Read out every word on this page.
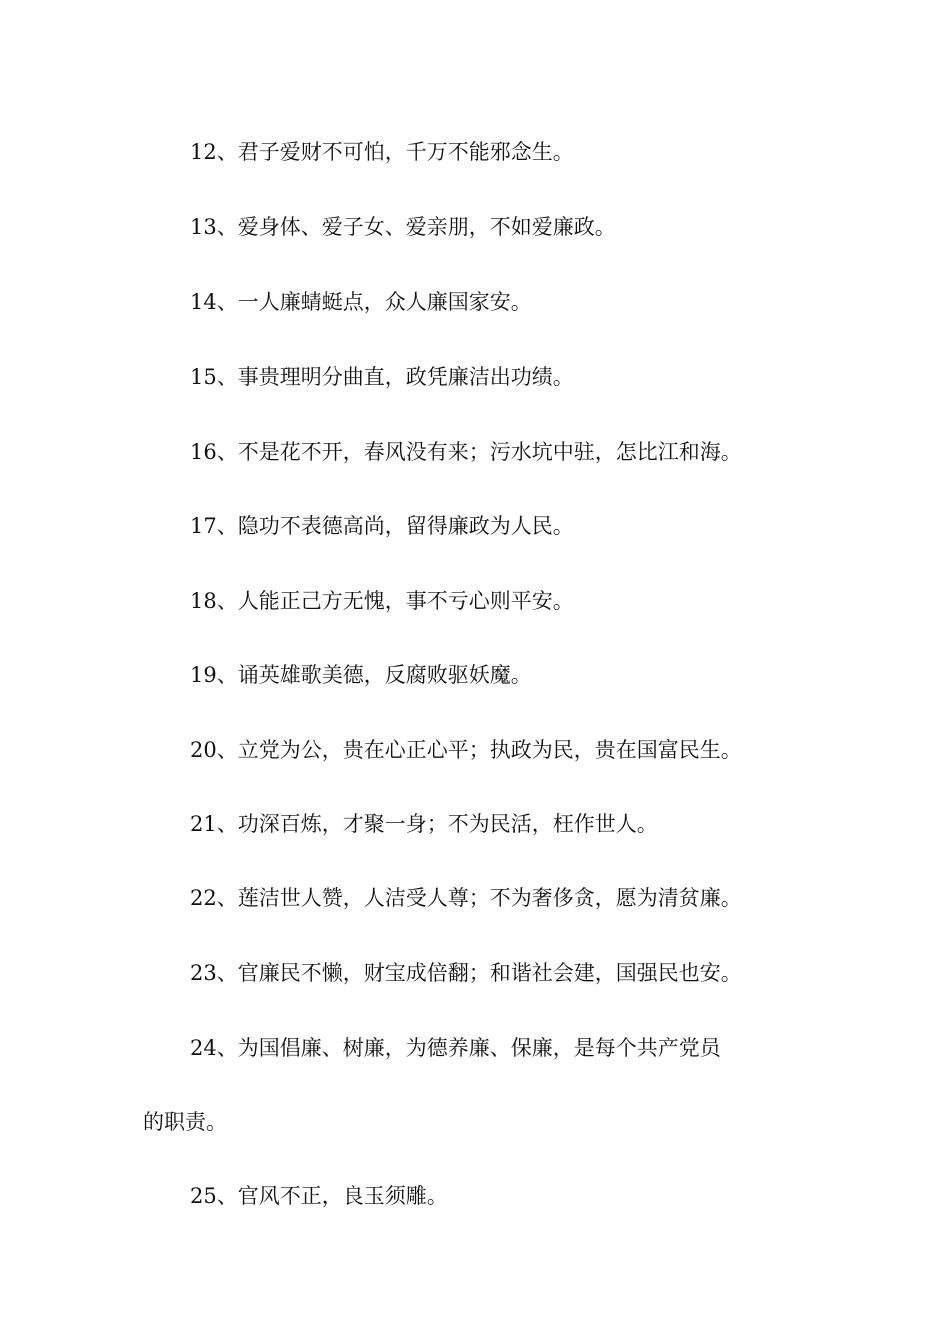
12、君子爱财不可怕，千万不能邪念生。

13、爱身体、爱子女、爱亲朋，不如爱廉政。

14、一人廉蜻蜓点，众人廉国家安。

15、事贵理明分曲直，政凭廉洁出功绩。

16、不是花不开，春风没有来；污水坑中驻，怎比江和海。

17、隐功不表德高尚，留得廉政为人民。

18、人能正己方无愧，事不亏心则平安。

19、诵英雄歌美德，反腐败驱妖魔。

20、立党为公，贵在心正心平；执政为民，贵在国富民生。

21、功深百炼，才聚一身；不为民活，枉作世人。

22、莲洁世人赞，人洁受人尊；不为奢侈贪，愿为清贫廉。

23、官廉民不懒，财宝成倍翻；和谐社会建，国强民也安。

24、为国倡廉、树廉，为德养廉、保廉，是每个共产党员

的职责。

25、官风不正，良玉须雕。
